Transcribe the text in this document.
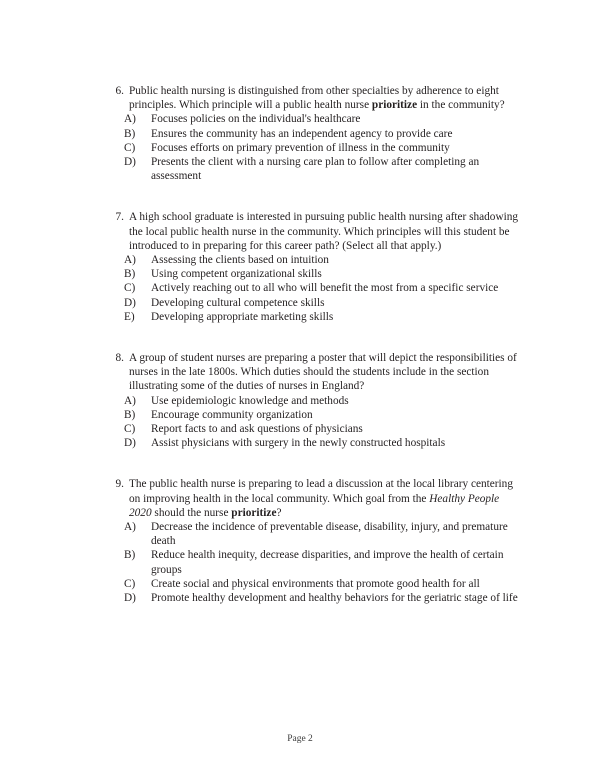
6. Public health nursing is distinguished from other specialties by adherence to eight principles. Which principle will a public health nurse prioritize in the community?
A)	Focuses policies on the individual's healthcare
B)	Ensures the community has an independent agency to provide care
C)	Focuses efforts on primary prevention of illness in the community
D)	Presents the client with a nursing care plan to follow after completing an assessment
7. A high school graduate is interested in pursuing public health nursing after shadowing the local public health nurse in the community. Which principles will this student be introduced to in preparing for this career path? (Select all that apply.)
A)	Assessing the clients based on intuition
B)	Using competent organizational skills
C)	Actively reaching out to all who will benefit the most from a specific service
D)	Developing cultural competence skills
E)	Developing appropriate marketing skills
8. A group of student nurses are preparing a poster that will depict the responsibilities of nurses in the late 1800s. Which duties should the students include in the section illustrating some of the duties of nurses in England?
A)	Use epidemiologic knowledge and methods
B)	Encourage community organization
C)	Report facts to and ask questions of physicians
D)	Assist physicians with surgery in the newly constructed hospitals
9. The public health nurse is preparing to lead a discussion at the local library centering on improving health in the local community. Which goal from the Healthy People 2020 should the nurse prioritize?
A)	Decrease the incidence of preventable disease, disability, injury, and premature death
B)	Reduce health inequity, decrease disparities, and improve the health of certain groups
C)	Create social and physical environments that promote good health for all
D)	Promote healthy development and healthy behaviors for the geriatric stage of life
Page 2
